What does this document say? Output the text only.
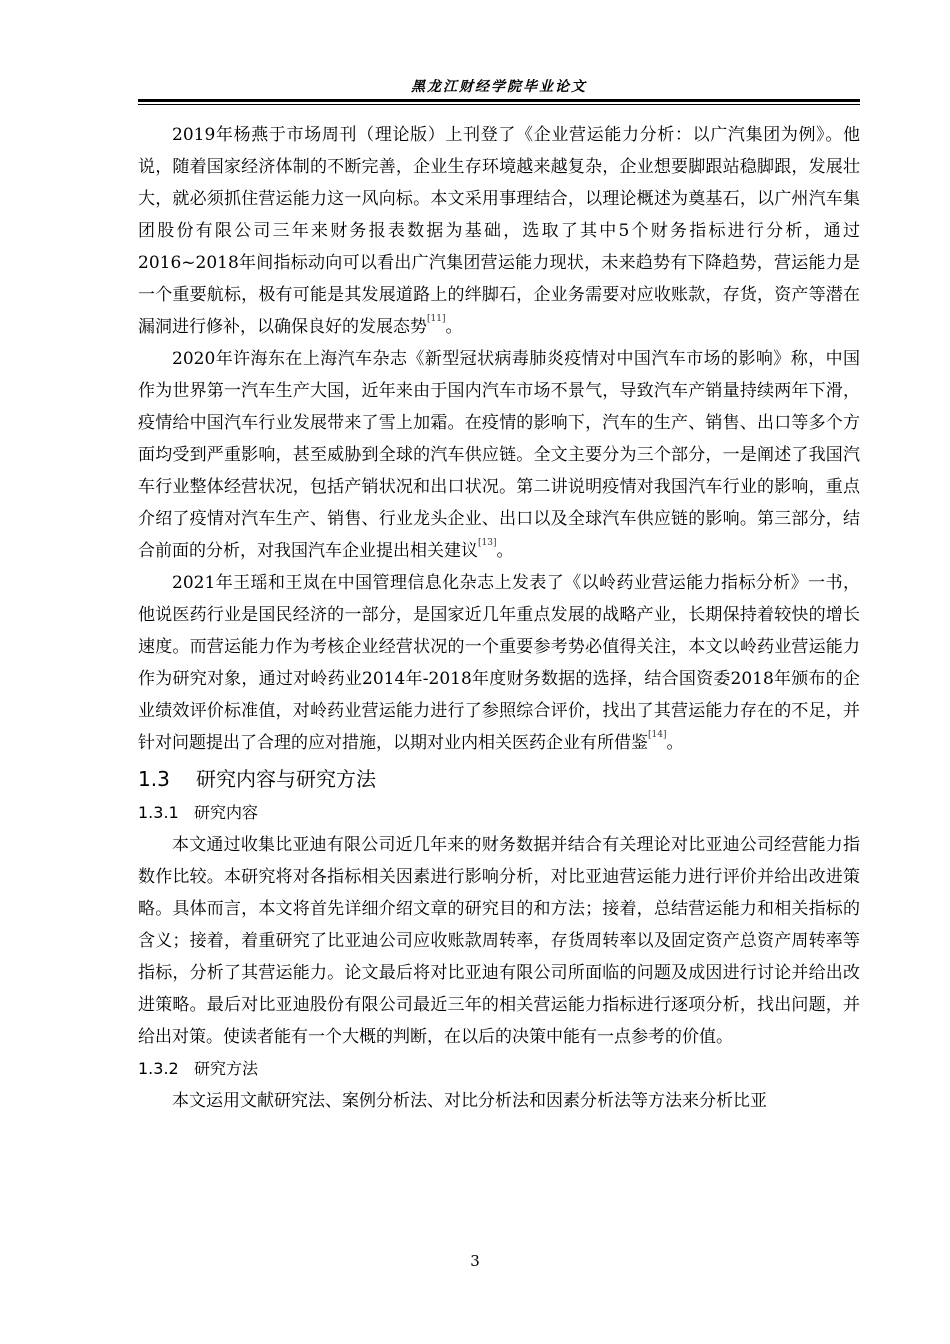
黑龙江财经学院毕业论文

2019年杨燕于市场周刊（理论版）上刊登了《企业营运能力分析：以广汽集团为例》。他说，随着国家经济体制的不断完善，企业生存环境越来越复杂，企业想要脚跟站稳脚跟，发展壮大，就必须抓住营运能力这一风向标。本文采用事理结合，以理论概述为奠基石，以广州汽车集团股份有限公司三年来财务报表数据为基础，选取了其中5个财务指标进行分析，通过2016~2018年间指标动向可以看出广汽集团营运能力现状，未来趋势有下降趋势，营运能力是一个重要航标，极有可能是其发展道路上的绊脚石，企业务需要对应收账款，存货，资产等潜在漏洞进行修补，以确保良好的发展态势[11]。

2020年许海东在上海汽车杂志《新型冠状病毒肺炎疫情对中国汽车市场的影响》称，中国作为世界第一汽车生产大国，近年来由于国内汽车市场不景气，导致汽车产销量持续两年下滑，疫情给中国汽车行业发展带来了雪上加霜。在疫情的影响下，汽车的生产、销售、出口等多个方面均受到严重影响，甚至威胁到全球的汽车供应链。全文主要分为三个部分，一是阐述了我国汽车行业整体经营状况，包括产销状况和出口状况。第二讲说明疫情对我国汽车行业的影响，重点介绍了疫情对汽车生产、销售、行业龙头企业、出口以及全球汽车供应链的影响。第三部分，结合前面的分析，对我国汽车企业提出相关建议[13]。

2021年王瑶和王岚在中国管理信息化杂志上发表了《以岭药业营运能力指标分析》一书，他说医药行业是国民经济的一部分，是国家近几年重点发展的战略产业，长期保持着较快的增长速度。而营运能力作为考核企业经营状况的一个重要参考势必值得关注，本文以岭药业营运能力作为研究对象，通过对岭药业2014年-2018年度财务数据的选择，结合国资委2018年颁布的企业绩效评价标准值，对岭药业营运能力进行了参照综合评价，找出了其营运能力存在的不足，并针对问题提出了合理的应对措施，以期对业内相关医药企业有所借鉴[14]。

1.3 研究内容与研究方法
1.3.1 研究内容

本文通过收集比亚迪有限公司近几年来的财务数据并结合有关理论对比亚迪公司经营能力指数作比较。本研究将对各指标相关因素进行影响分析，对比亚迪营运能力进行评价并给出改进策略。具体而言，本文将首先详细介绍文章的研究目的和方法；接着，总结营运能力和相关指标的含义；接着，着重研究了比亚迪公司应收账款周转率，存货周转率以及固定资产总资产周转率等指标，分析了其营运能力。论文最后将对比亚迪有限公司所面临的问题及成因进行讨论并给出改进策略。最后对比亚迪股份有限公司最近三年的相关营运能力指标进行逐项分析，找出问题，并给出对策。使读者能有一个大概的判断，在以后的决策中能有一点参考的价值。

1.3.2 研究方法

本文运用文献研究法、案例分析法、对比分析法和因素分析法等方法来分析比亚

3
